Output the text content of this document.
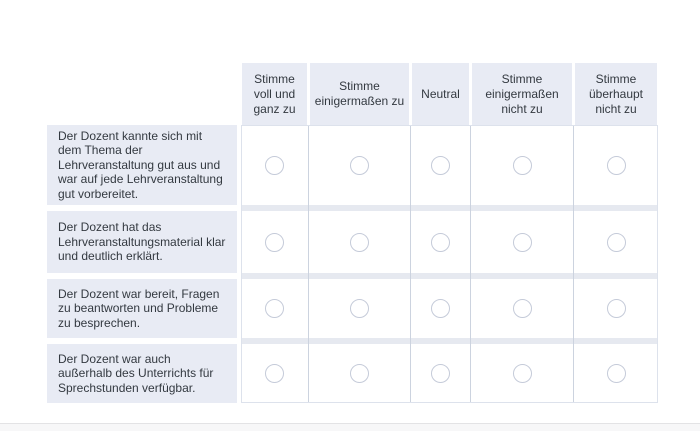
Stimme voll und ganz zu
Stimme einigermaßen zu
Neutral
Stimme einigermaßen nicht zu
Stimme überhaupt nicht zu
Der Dozent kannte sich mit dem Thema der Lehrveranstaltung gut aus und war auf jede Lehrveranstaltung gut vorbereitet.
Der Dozent hat das Lehrveranstaltungsmaterial klar und deutlich erklärt.
Der Dozent war bereit, Fragen zu beantworten und Probleme zu besprechen.
Der Dozent war auch außerhalb des Unterrichts für Sprechstunden verfügbar.
